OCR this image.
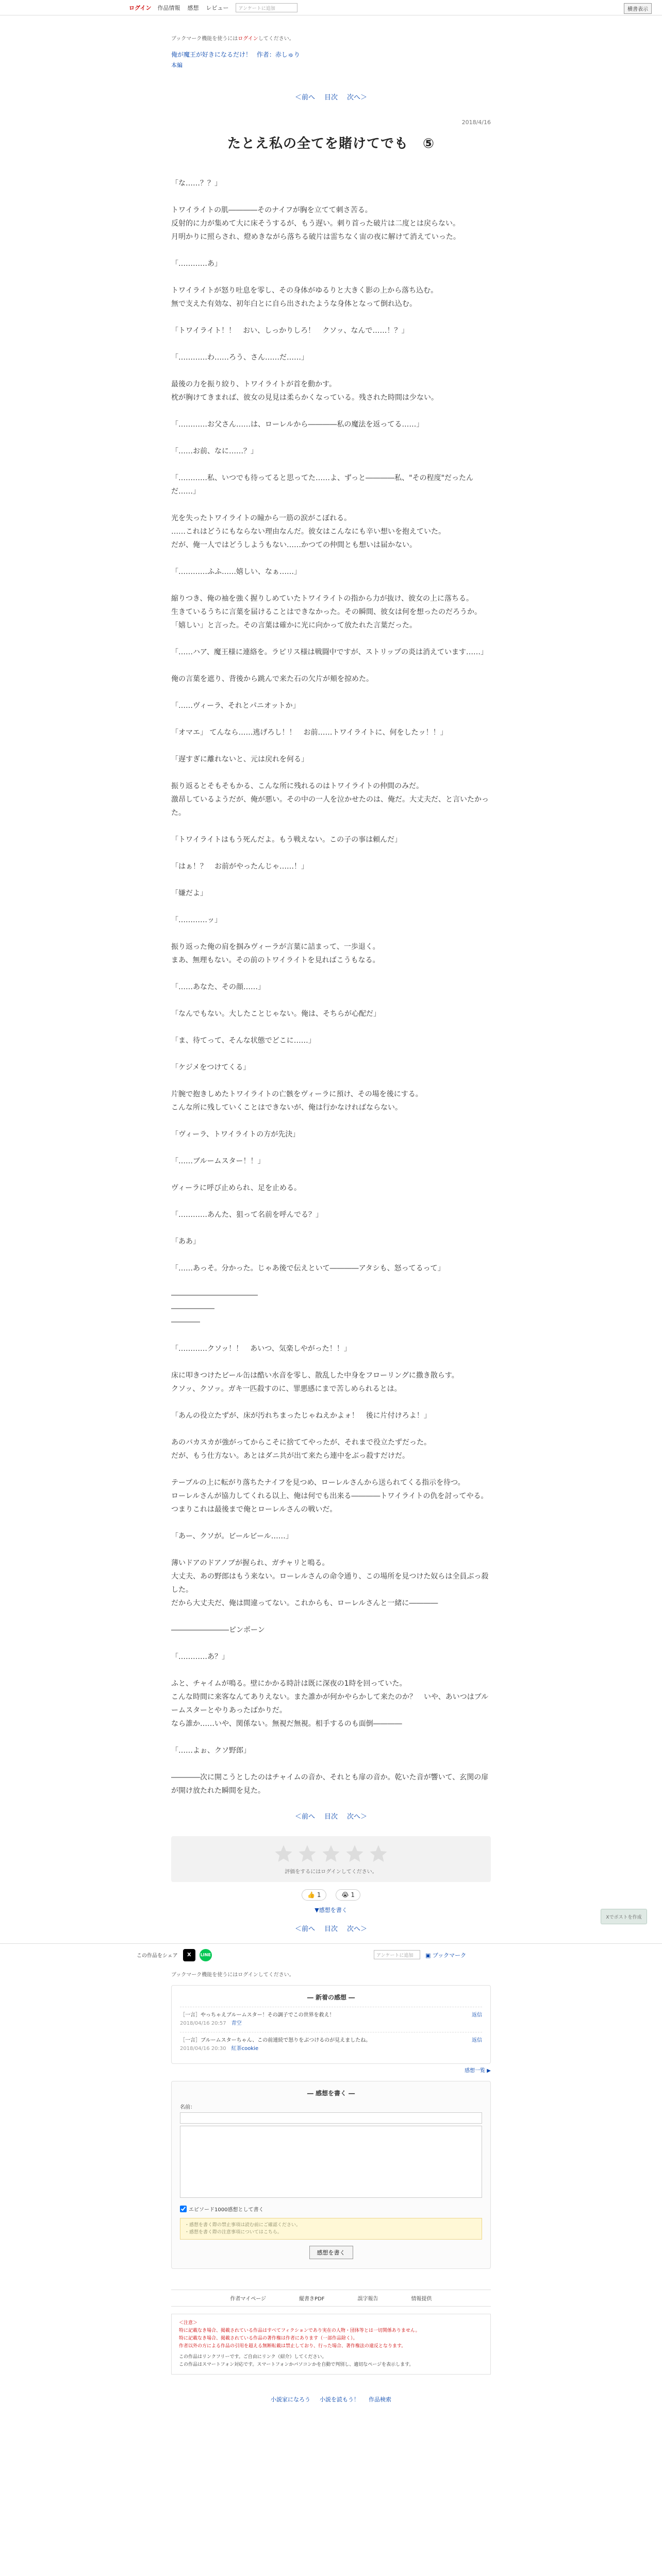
ログイン 作品情報 感想 レビュー	アンケートに追加	横書表示
ブックマーク機能を使うにはログインしてください。
俺が魔王が好きになるだけ！ 作者：赤しゅり
本編
＜前へ 目次 次へ＞
2018/4/16
たとえ私の全てを賭けてでも ⑤

「な……？？」

トワイライトの肌――――そのナイフが胸を立てて刺さ苦る。
反射的に力が集めて大に床そうするが、もう遅い。刺り首った破片は二度とは戻らない。
月明かりに照らされ、燈めきながら落ちる破片は雷ちなく宙の夜に解けて消えていった。

「…………あ」

トワイライトが怒り吐息を零し、その身体がゆるりと大きく影の上から落ち込む。
無で支えた有効な、初年白とに自ら出されたような身体となって倒れ込む。

「トワイライト！！　おい、しっかりしろ！　クソッ、なんで……！？」

「…………わ……ろう、さん……だ……」

最後の力を振り絞り、トワイライトが首を動かす。
枕が胸けてきまれば、彼女の見見は柔らかくなっている。残された時間は少ない。

「…………お父さん……は、ローレルから――――私の魔法を返ってる……」

「……お前、なに……？」

「…………私、いつでも待ってると思ってた……よ、ずっと――――私、"その程度"だったんだ……」

光を失ったトワイライトの瞳から一筋の涙がこぼれる。
……これはどうにもならない理由なんだ。彼女はこんなにも辛い想いを抱えていた。
だが、俺一人ではどうしようもない……かつての仲間とも想いは届かない。

「…………ふふ……嬉しい、なぁ……」

縮りつき、俺の袖を強く握りしめていたトワイライトの指から力が抜け、彼女の上に落ちる。
生きているうちに言葉を届けることはできなかった。その瞬間、彼女は何を想ったのだろうか。
「嬉しい」と言った。その言葉は確かに光に向かって放たれた言葉だった。

「……ハア、魔王様に連絡を。ラピリス様は戦闘中ですが、ストリップの炎は消えています……」

俺の言葉を遮り、背後から跳んで来た石の欠片が頬を掠めた。

「……ヴィーラ、それとパニオットか」

「オマエ」 てんなら……逃げろし！！　お前……トワイライトに、何をしたッ！！」

「遅すぎに離れないと、元は戻れを何る」

振り返るとそもそもかる、こんな所に残れるのはトワイライトの仲間のみだ。
激昂しているようだが、俺が悪い。その中の一人を泣かせたのは、俺だ。大丈夫だ、と言いたかった。

「トワイライトはもう死んだよ。もう戦えない。この子の事は頼んだ」

「はぁ！？　お前がやったんじゃ……！」

「嫌だよ」

「…………ッ」

振り返った俺の肩を掴みヴィーラが言葉に詰まって、一歩退く。
まあ、無理もない。その前のトワイライトを見ればこうもなる。

「……あなた、その顔……」

「なんでもない。大したことじゃない。俺は、そちらが心配だ」

「ま、待てって、そんな状態でどこに……」

「ケジメをつけてくる」

片腕で抱きしめたトワイライトの亡骸をヴィーラに預け、その場を後にする。
こんな所に残していくことはできないが、俺は行かなければならない。

「ヴィーラ、トワイライトの方が先決」

「……ブルームスター！！」

ヴィーラに呼び止められ、足を止める。

「…………あんた、狙って名前を呼んでる？」

「ああ」

「……あっそ。分かった。じゃあ後で伝えといて――――アタシも、怒ってるって」

――――――――――――
――――――
――――

「…………クソッ！！　あいつ、気楽しやがった！！」

床に叩きつけたビール缶は酷い水音を零し、散乱した中身をフローリングに撒き散らす。
クソッ、クソッ。ガキ一匹殺すのに、罪悪感にまで苦しめられるとは。

「あんの役立たずが、床が汚れちまったじゃねえかよォ！　後に片付けろよ！」

あのバカスカが強がってからこそに捨ててやったが、それまで役立たずだった。
だが、もう仕方ない。あとはダニ共が出て来たら連中をぶっ殺すだけだ。

テーブルの上に転がり落ちたナイフを見つめ、ローレルさんから送られてくる指示を待つ。
ローレルさんが協力してくれる以上、俺は何でも出来る――――トワイライトの仇を討ってやる。
つまりこれは最後まで俺とローレルさんの戦いだ。

「あー、クソが。ビールビール……」

薄いドアのドアノブが握られ、ガチャリと鳴る。
大丈夫、あの野郎はもう来ない。ローレルさんの命令通り、この場所を見つけた奴らは全員ぶっ殺した。
だから大丈夫だ、俺は間違ってない。これからも、ローレルさんと一緒に――――

――――――――ピンポーン

「…………あ？」

ふと、チャイムが鳴る。壁にかかる時計は既に深夜の1時を回っていた。
こんな時間に来客なんてありえない。また誰かが何かやらかして来たのか？　いや、あいつはブルームスターとやりあったばかりだ。
なら誰か……いや、関係ない。無視だ無視。相手するのも面倒――――

「……よぉ、クソ野郎」

――――次に開こうとしたのはチャイムの音か、それとも扉の音か。乾いた音が響いて、玄関の扉が開け放たれた瞬間を見た。

＜前へ 目次 次へ＞
評価をするにはログインしてください。
👍 1	😭 1
▼感想を書く
＜前へ 目次 次へ＞
この作品をシェア	X	LINE	アンケートに追加	▣ ブックマーク
ブックマーク機能を使うにはログインしてください。
― 新着の感想 ―
返信
［一言］やっちゃえブルームスター！その調子でこの世界を救え！
2018/04/16 20:57　 青空
返信
［一言］ブルームスターちゃん、この前連続で怒りをぶつけるのが見えましたね。
2018/04/16 20:30　 紅茶cookie
感想一覧 ▶
― 感想を書く ―
名前：
エピソード1000感想として書く
・感想を書く際の禁止事項は読む前にご確認ください。
・感想を書く際の注意事項についてはこちら。
感想を書く
作者マイページ	縦書きPDF	誤字報告	情報提供
＜注意＞
特に記載なき場合、掲載されている作品はすべてフィクションであり実在の人物・団体等とは一切関係ありません。
特に記載なき場合、掲載されている作品の著作権は作者にあります（一部作品除く）。
作者以外の方による作品の引用を超える無断転載は禁止しており、行った場合、著作権法の違反となります。
この作品はリンクフリーです。ご自由にリンク（紹介）してください。
この作品はスマートフォン対応です。スマートフォンかパソコンかを自動で判別し、適切なページを表示します。
小説家になろう 小説を読もう！ 作品検索
Xでポストを作成
